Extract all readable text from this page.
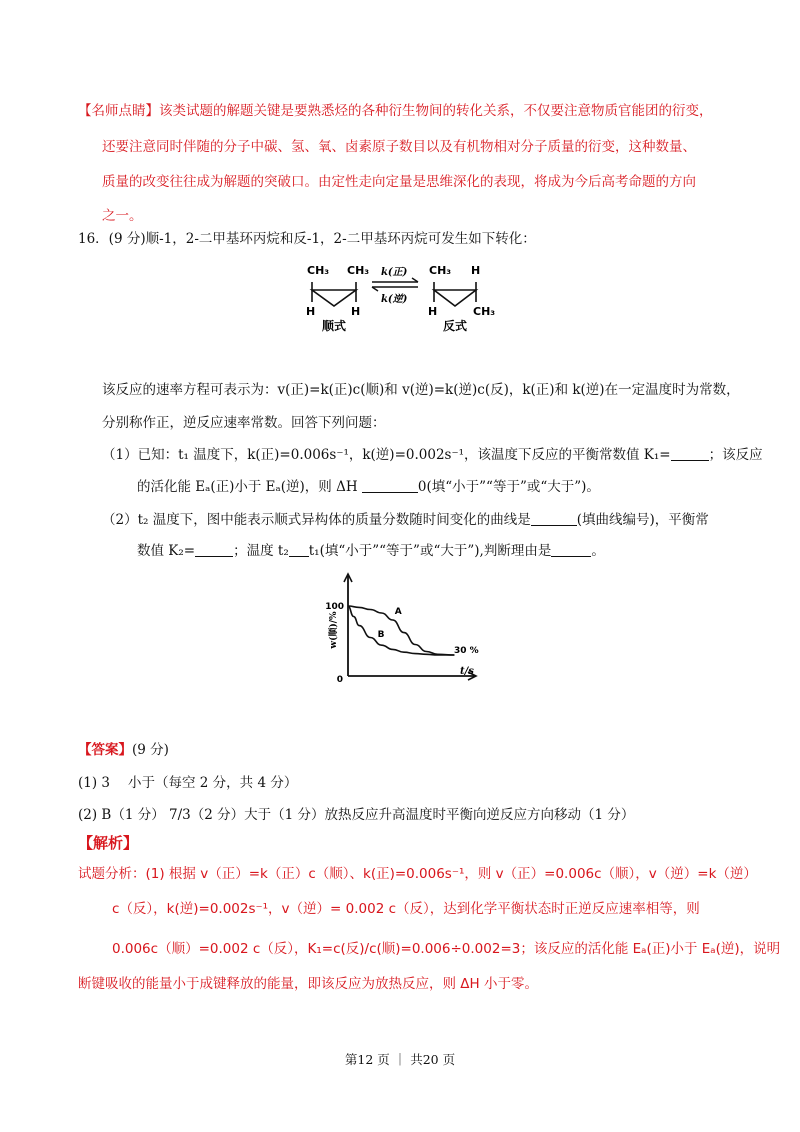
【名师点睛】该类试题的解题关键是要熟悉烃的各种衍生物间的转化关系，不仅要注意物质官能团的衍变，
还要注意同时伴随的分子中碳、氢、氧、卤素原子数目以及有机物相对分子质量的衍变，这种数量、
质量的改变往往成为解题的突破口。由定性走向定量是思维深化的表现，将成为今后高考命题的方向
之一。
16．(9 分)顺-1，2-二甲基环丙烷和反-1，2-二甲基环丙烷可发生如下转化：
CH₃ CH₃
H	H
顺式
k(正)
k(逆)
CH₃ H
H	CH₃
反式
该反应的速率方程可表示为：v(正)=k(正)c(顺)和 v(逆)=k(逆)c(反)，k(正)和 k(逆)在一定温度时为常数，
分别称作正，逆反应速率常数。回答下列问题：
（1）已知：t₁ 温度下，k(正)=0.006s⁻¹，k(逆)=0.002s⁻¹，该温度下反应的平衡常数值 K₁=	；该反应
的活化能 Eₐ(正)小于 Eₐ(逆)，则 ΔH	0(填“小于”“等于”或“大于”)。
（2）t₂ 温度下，图中能表示顺式异构体的质量分数随时间变化的曲线是	(填曲线编号)，平衡常
数值 K₂=	；温度 t₂ t₁(填“小于”“等于”或“大于”),判断理由是	。
w(顺)/%
100
0
t/s
30 %
A
B
【答案】(9 分)
(1) 3 小于（每空 2 分，共 4 分）
(2) B（1 分） 7/3（2 分）大于（1 分）放热反应升高温度时平衡向逆反应方向移动（1 分）
【解析】
试题分析：(1) 根据 v（正）=k（正）c（顺）、k(正)=0.006s⁻¹，则 v（正）=0.006c（顺），v（逆）=k（逆）
c（反），k(逆)=0.002s⁻¹，v（逆）= 0.002 c（反），达到化学平衡状态时正逆反应速率相等，则
0.006c（顺）=0.002 c（反），K₁=c(反)/c(顺)=0.006÷0.002=3；该反应的活化能 Eₐ(正)小于 Eₐ(逆)，说明
断键吸收的能量小于成键释放的能量，即该反应为放热反应，则 ΔH 小于零。
第12 页 ｜ 共20 页
